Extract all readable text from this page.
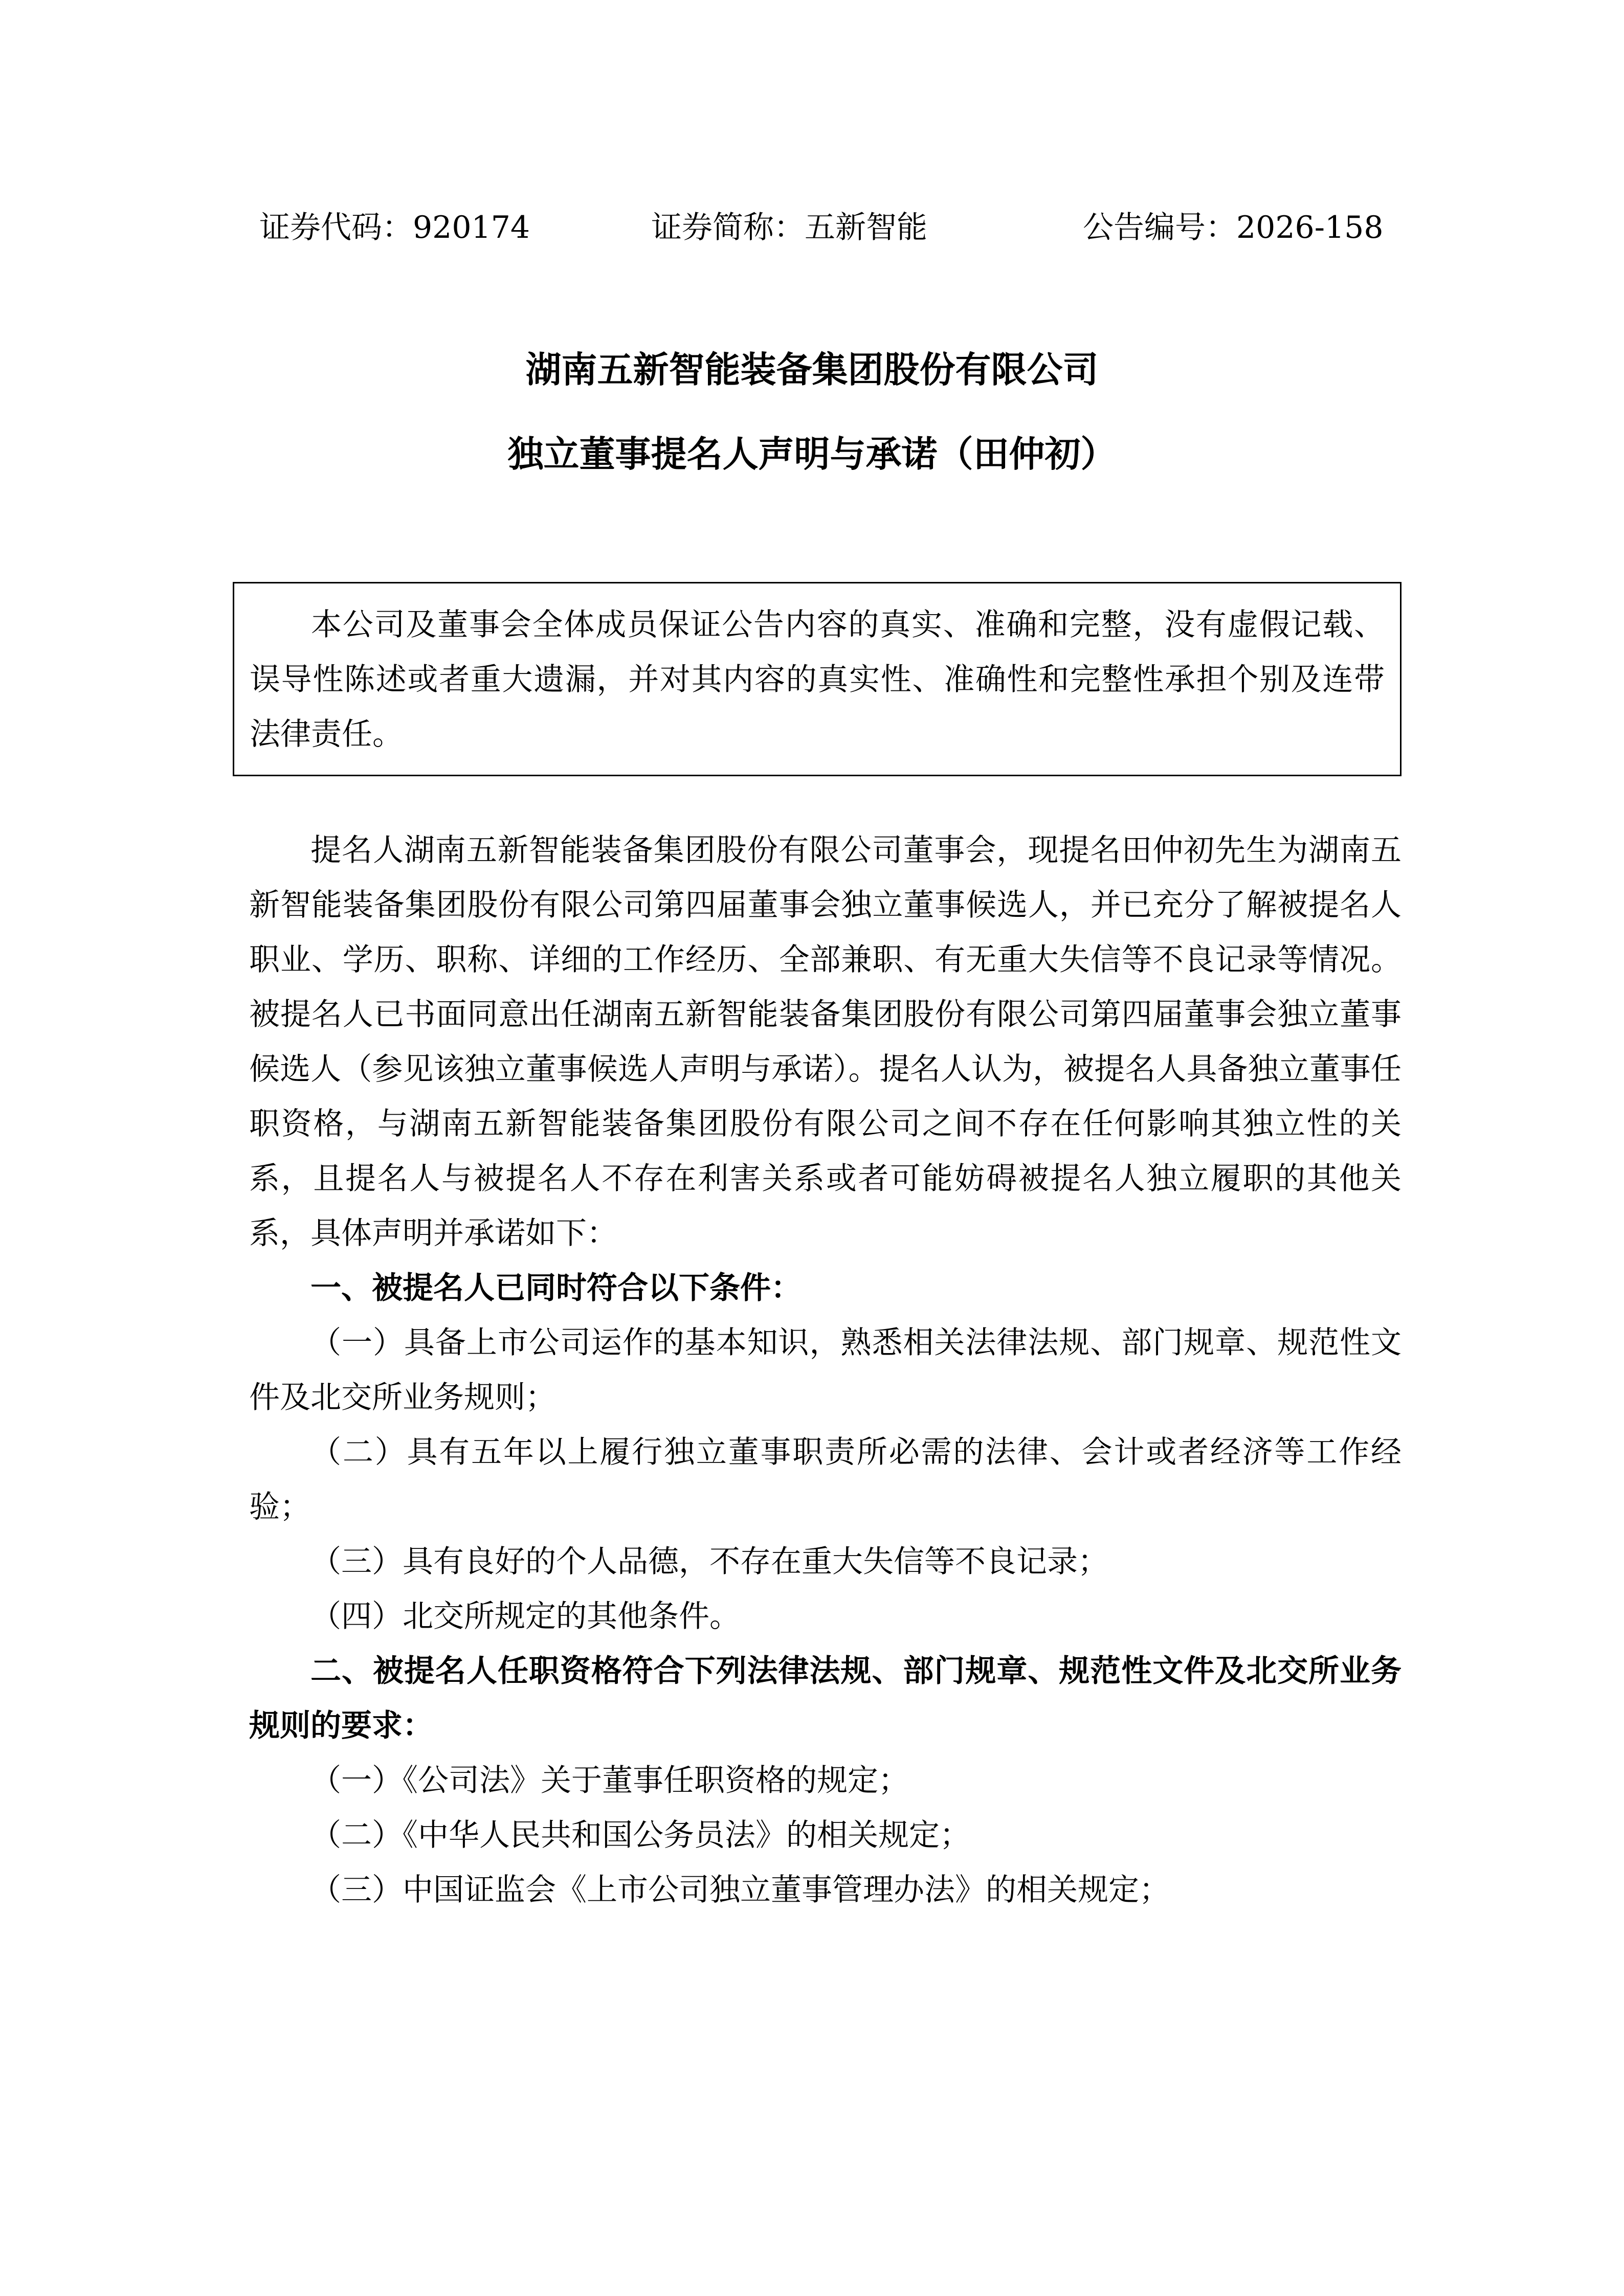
证券代码：920174	证券简称：五新智能	公告编号：2026-158
湖南五新智能装备集团股份有限公司
独立董事提名人声明与承诺（田仲初）

本公司及董事会全体成员保证公告内容的真实、准确和完整，没有虚假记载、误导性陈述或者重大遗漏，并对其内容的真实性、准确性和完整性承担个别及连带法律责任。

提名人湖南五新智能装备集团股份有限公司董事会，现提名田仲初先生为湖南五新智能装备集团股份有限公司第四届董事会独立董事候选人，并已充分了解被提名人职业、学历、职称、详细的工作经历、全部兼职、有无重大失信等不良记录等情况。被提名人已书面同意出任湖南五新智能装备集团股份有限公司第四届董事会独立董事候选人（参见该独立董事候选人声明与承诺）。提名人认为，被提名人具备独立董事任职资格，与湖南五新智能装备集团股份有限公司之间不存在任何影响其独立性的关系，且提名人与被提名人不存在利害关系或者可能妨碍被提名人独立履职的其他关系，具体声明并承诺如下：

一、被提名人已同时符合以下条件：

（一）具备上市公司运作的基本知识，熟悉相关法律法规、部门规章、规范性文件及北交所业务规则；

（二）具有五年以上履行独立董事职责所必需的法律、会计或者经济等工作经验；

（三）具有良好的个人品德，不存在重大失信等不良记录；

（四）北交所规定的其他条件。

二、被提名人任职资格符合下列法律法规、部门规章、规范性文件及北交所业务规则的要求：

（一）《公司法》关于董事任职资格的规定；

（二）《中华人民共和国公务员法》的相关规定；

（三）中国证监会《上市公司独立董事管理办法》的相关规定；
